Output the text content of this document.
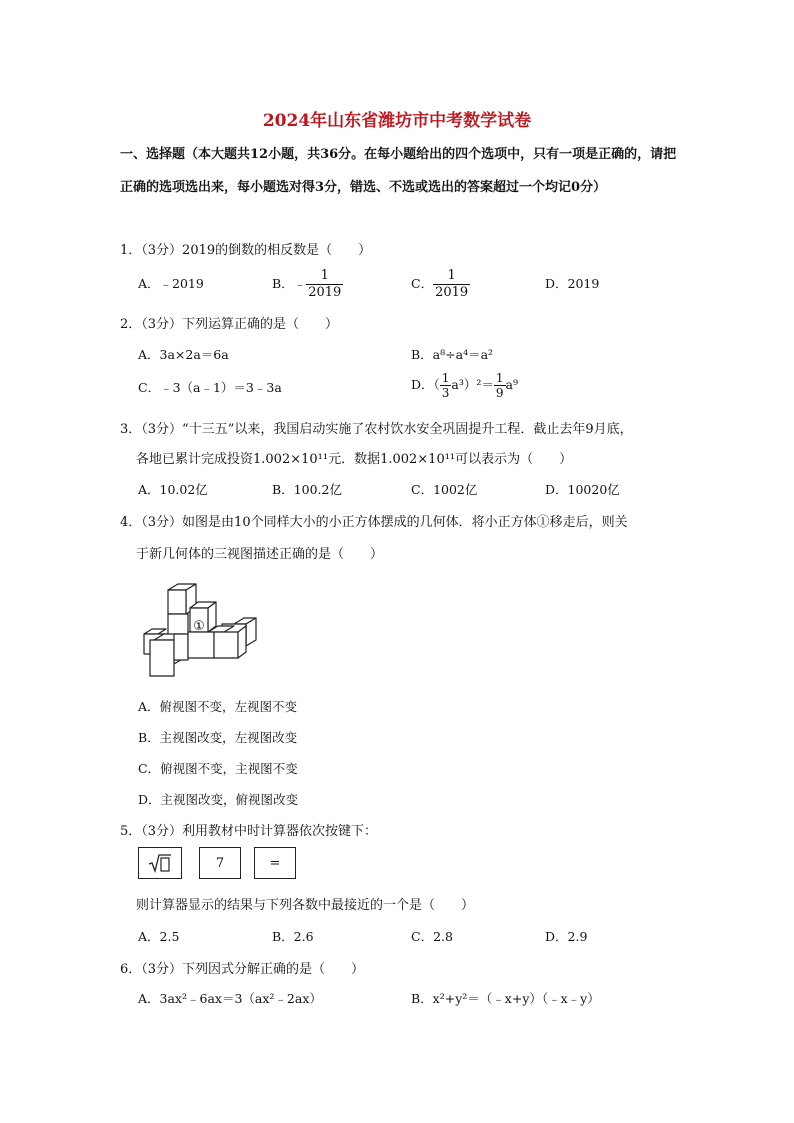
2024年山东省潍坊市中考数学试卷
一、选择题（本大题共12小题，共36分。在每小题给出的四个选项中，只有一项是正确的，请把正确的选项选出来，每小题选对得3分，错选、不选或选出的答案超过一个均记0分）
1．（3分）2019的倒数的相反数是（　　）
A．﹣2019	B．﹣ $\frac{1}{2019}$	C． $\frac{1}{2019}$	D．2019
2．（3分）下列运算正确的是（　　）
A．3a×2a＝6a	B．a⁸÷a⁴＝a²
C．﹣3（a﹣1）＝3﹣3a	D．（ $\frac{1}{3} a^3)^2= \frac{1}{9} a^9$
3．（3分）“十三五”以来，我国启动实施了农村饮水安全巩固提升工程．截止去年9月底，
各地已累计完成投资1.002×10¹¹元．数据1.002×10¹¹可以表示为（　　）
A．10.02亿	B．100.2亿	C．1002亿	D．10020亿
4．（3分）如图是由10个同样大小的小正方体摆成的几何体．将小正方体①移走后，则关
于新几何体的三视图描述正确的是（　　）
①
A．俯视图不变，左视图不变
B．主视图改变，左视图改变
C．俯视图不变，主视图不变
D．主视图改变，俯视图改变
5．（3分）利用教材中时计算器依次按键下：
7	=
则计算器显示的结果与下列各数中最接近的一个是（　　）
A．2.5	B．2.6	C．2.8	D．2.9
6．（3分）下列因式分解正确的是（　　）
A．3ax²﹣6ax＝3（ax²﹣2ax）	B．x²+y²＝（﹣x+y）（﹣x﹣y）
